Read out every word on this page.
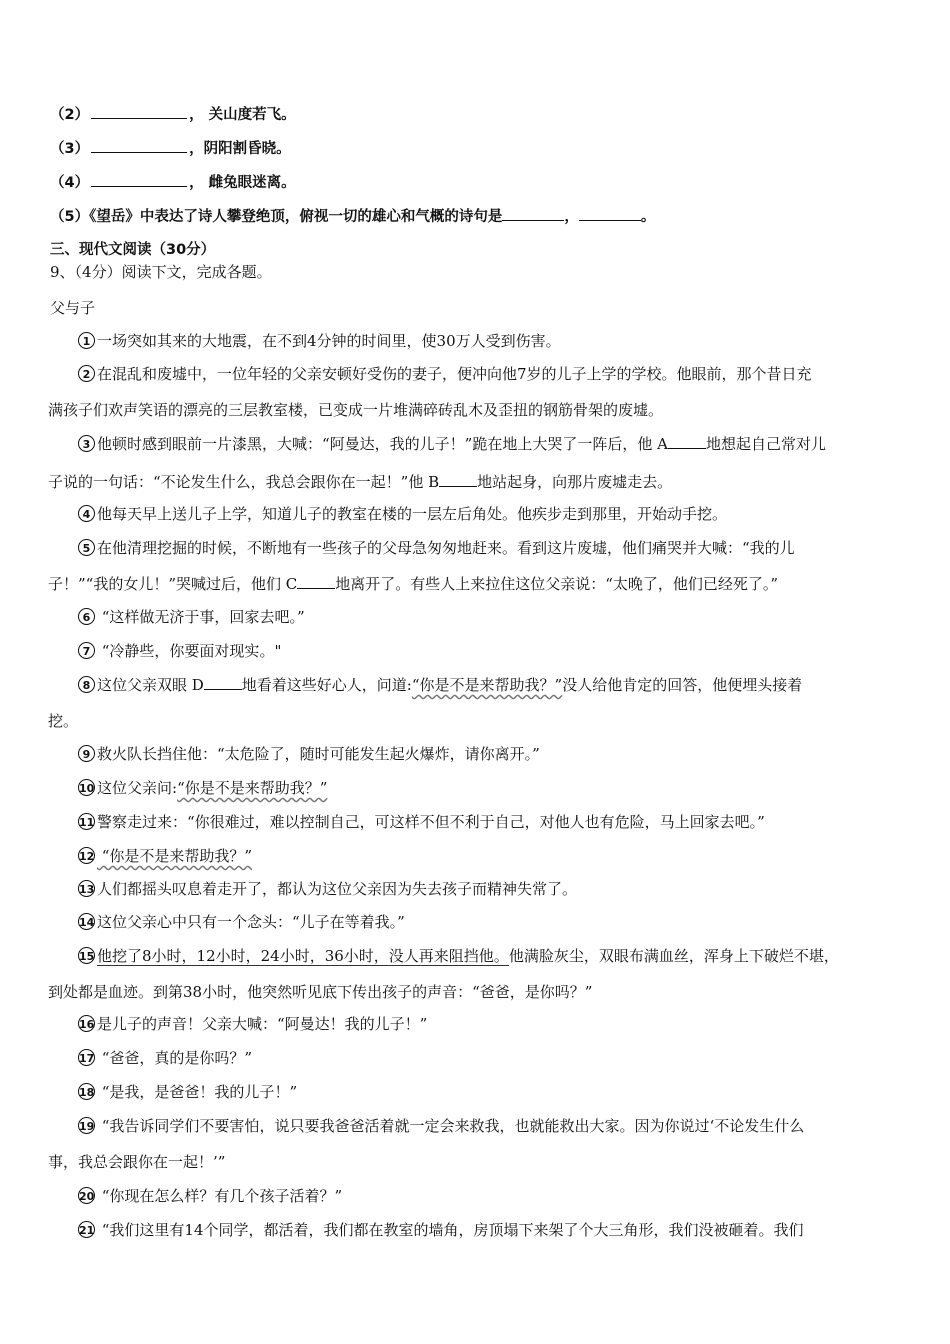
（2）	， 关山度若飞。
（3）	，阴阳割昏晓。
（4）	， 雌兔眼迷离。
（5）《望岳》中表达了诗人攀登绝顶，俯视一切的雄心和气概的诗句是	，	。
三、现代文阅读（30分）
9、（4分）阅读下文，完成各题。
父与子
1 一场突如其来的大地震，在不到4分钟的时间里，使30万人受到伤害。
2 在混乱和废墟中，一位年轻的父亲安顿好受伤的妻子，便冲向他7岁的儿子上学的学校。他眼前，那个昔日充
满孩子们欢声笑语的漂亮的三层教室楼，已变成一片堆满碎砖乱木及歪扭的钢筋骨架的废墟。
3 他顿时感到眼前一片漆黑，大喊：“阿曼达，我的儿子！”跪在地上大哭了一阵后，他 A	地想起自己常对儿
子说的一句话：“不论发生什么，我总会跟你在一起！”他 B	地站起身，向那片废墟走去。
4 他每天早上送儿子上学，知道儿子的教室在楼的一层左后角处。他疾步走到那里，开始动手挖。
5 在他清理挖掘的时候，不断地有一些孩子的父母急匆匆地赶来。看到这片废墟，他们痛哭并大喊：“我的儿
子！”“我的女儿！”哭喊过后，他们 C	地离开了。有些人上来拉住这位父亲说：“太晚了，他们已经死了。”
6 “这样做无济于事，回家去吧。”
7 “冷静些，你要面对现实。"
8 这位父亲双眼 D	地看着这些好心人，问道:“你是不是来帮助我？”没人给他肯定的回答，他便埋头接着
挖。
9 救火队长挡住他：“太危险了，随时可能发生起火爆炸，请你离开。”
10 这位父亲问:“你是不是来帮助我？”
11 警察走过来：“你很难过，难以控制自己，可这样不但不利于自己，对他人也有危险，马上回家去吧。”
12 “你是不是来帮助我？”
13 人们都摇头叹息着走开了，都认为这位父亲因为失去孩子而精神失常了。
14 这位父亲心中只有一个念头：“儿子在等着我。”
15 他挖了8小时，12小时，24小时，36小时，没人再来阻挡他。他满脸灰尘，双眼布满血丝，浑身上下破烂不堪，
到处都是血迹。到第38小时，他突然听见底下传出孩子的声音：“爸爸，是你吗？”
16 是儿子的声音！父亲大喊：“阿曼达！我的儿子！”
17 “爸爸，真的是你吗？”
18 “是我，是爸爸！我的儿子！”
19 “我告诉同学们不要害怕，说只要我爸爸活着就一定会来救我，也就能救出大家。因为你说过‘不论发生什么
事，我总会跟你在一起！’”
20 “你现在怎么样？有几个孩子活着？”
21 “我们这里有14个同学，都活着，我们都在教室的墙角，房顶塌下来架了个大三角形，我们没被砸着。我们
